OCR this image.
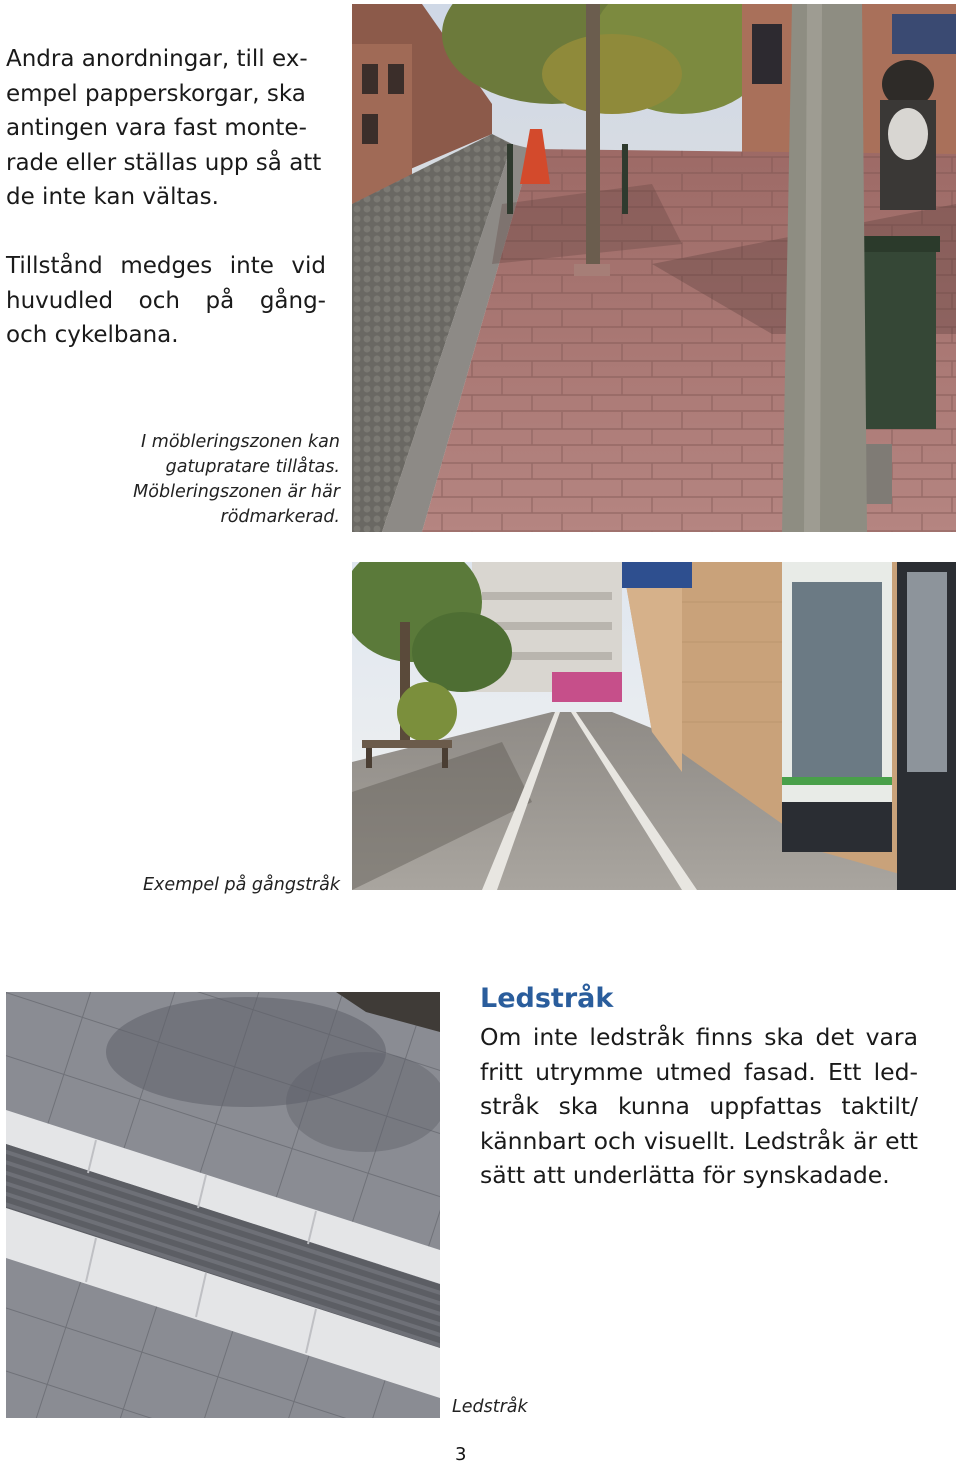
Andra anordningar, till ex-
empel papperskorgar, ska
antingen vara fast monte-
rade eller ställas upp så att
de inte kan vältas.
Tillstånd medges inte vid
huvudled och på gång-
och cykelbana.
I möbleringszonen kan
gatupratare tillåtas.
Möbleringszonen är här
rödmarkerad.
Exempel på gångstråk
Ledstråk
Om inte ledstråk finns ska det vara
fritt utrymme utmed fasad. Ett led-
stråk ska kunna uppfattas taktilt/
kännbart och visuellt. Ledstråk är ett
sätt att underlätta för synskadade.
Ledstråk
3
